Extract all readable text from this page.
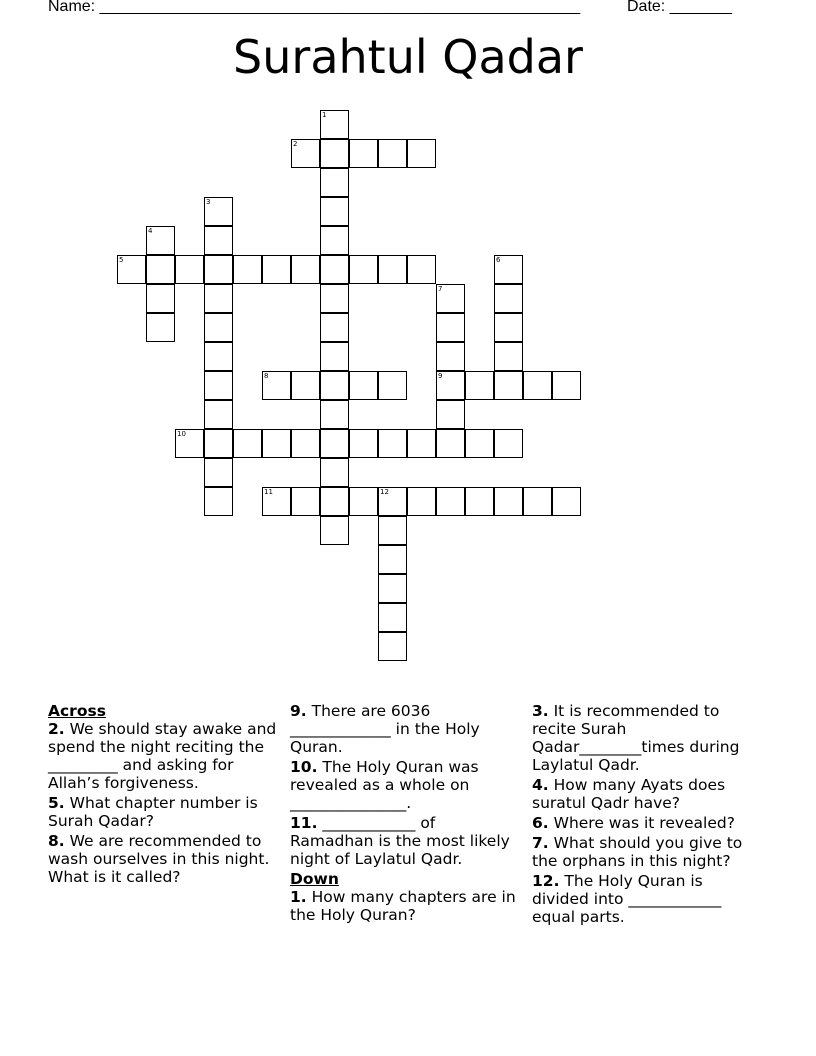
Name: ______________________________________________________	Date: _______
Surahtul Qadar
1
2
3
4
5	6
7
9
8
10
11	12
Across
2. We should stay awake and spend the night reciting the _________ and asking for Allah’s forgiveness.
5. What chapter number is Surah Qadar?
8. We are recommended to wash ourselves in this night. What is it called?
9. There are 6036 _____________ in the Holy Quran.
10. The Holy Quran was revealed as a whole on _______________.
11. ____________ of Ramadhan is the most likely night of Laylatul Qadr.
Down
1. How many chapters are in the Holy Quran?
3. It is recommended to recite Surah Qadar________times during Laylatul Qadr.
4. How many Ayats does suratul Qadr have?
6. Where was it revealed?
7. What should you give to the orphans in this night?
12. The Holy Quran is divided into ____________ equal parts.
